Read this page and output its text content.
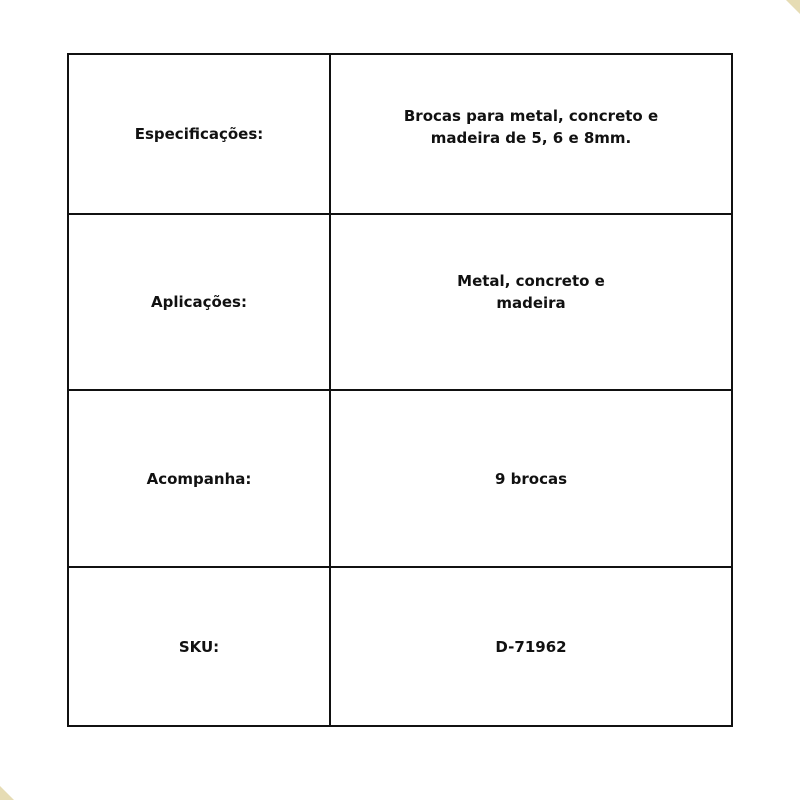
Especificações:	Brocas para metal, concreto e
madeira de 5, 6 e 8mm.

Aplicações:	Metal, concreto e
madeira

Acompanha:	9 brocas
SKU:	D-71962
